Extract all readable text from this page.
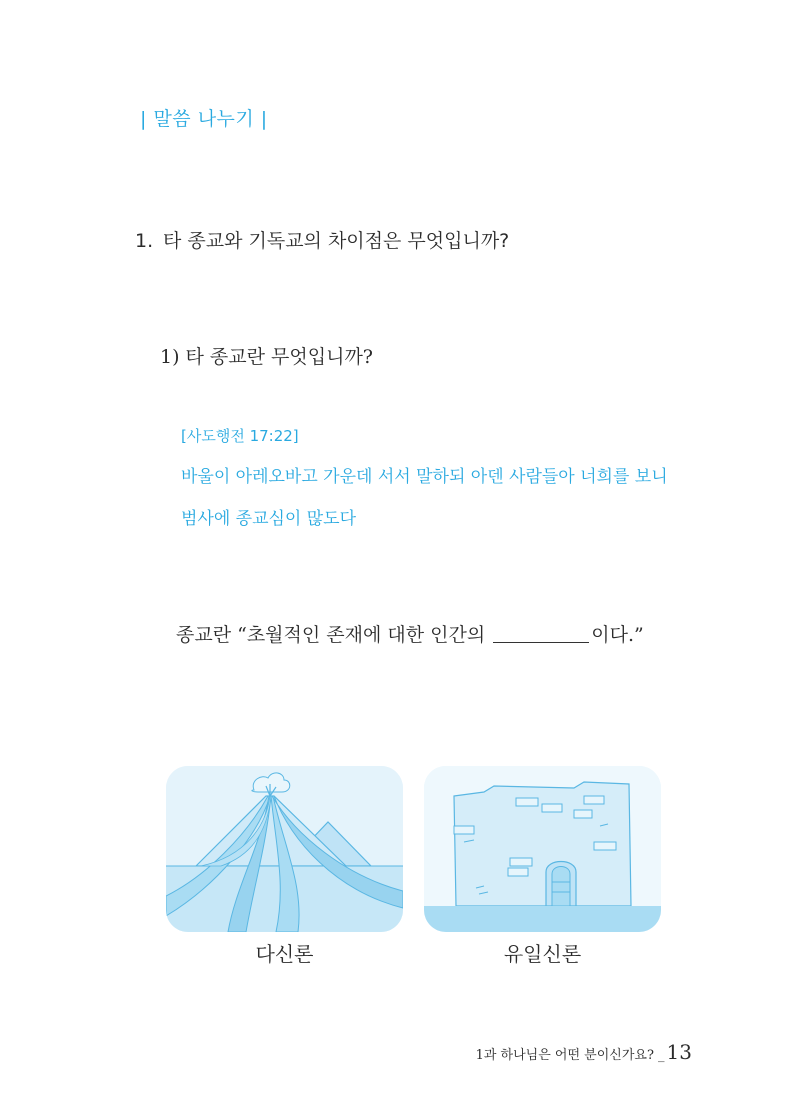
| 말씀 나누기 |
1. 타 종교와 기독교의 차이점은 무엇입니까?
1) 타 종교란 무엇입니까?
[사도행전 17:22]
바울이 아레오바고 가운데 서서 말하되 아덴 사람들아 너희를 보니
범사에 종교심이 많도다
종교란 “초월적인 존재에 대한 인간의	이다.”
다신론	유일신론
1과 하나님은 어떤 분이신가요? _ 13
